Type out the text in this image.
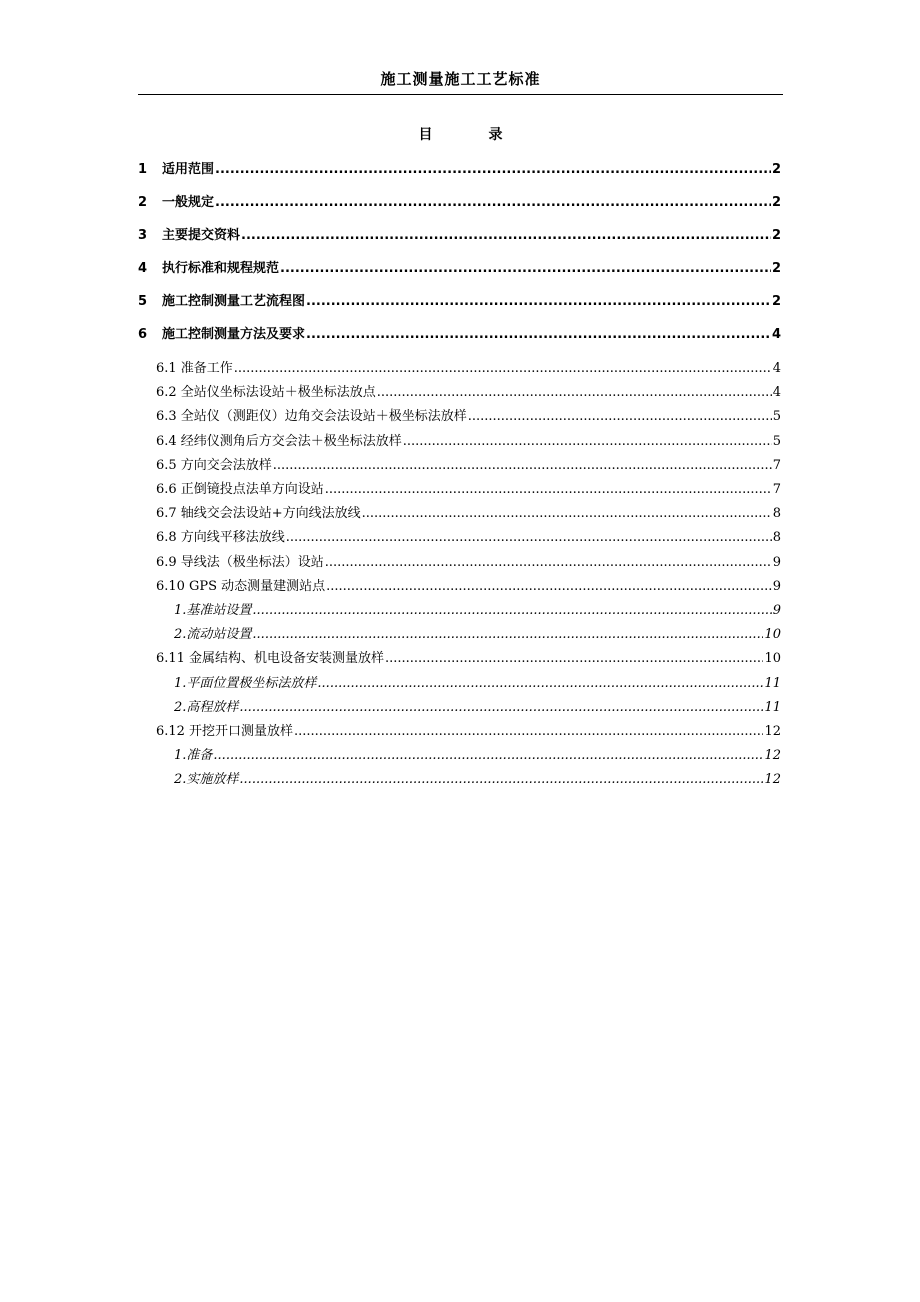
施工测量施工工艺标准
目	录
1	适用范围 .....	2
2	一般规定 .....	2
3	主要提交资料 .....	2
4	执行标准和规程规范 .....	2
5	施工控制测量工艺流程图 .....	2
6	施工控制测量方法及要求 .....	4
6.1 准备工作 .....	4
6.2 全站仪坐标法设站＋极坐标法放点 .....	4
6.3 全站仪（测距仪）边角交会法设站＋极坐标法放样 .....	5
6.4 经纬仪测角后方交会法＋极坐标法放样 .....	5
6.5 方向交会法放样 .....	7
6.6 正倒镜投点法单方向设站 .....	7
6.7 轴线交会法设站+方向线法放线 .....	8
6.8 方向线平移法放线 .....	8
6.9 导线法（极坐标法）设站 .....	9
6.10 GPS 动态测量建测站点 .....	9
1. 基准站设置 .....	9
2. 流动站设置 .....	10
6.11 金属结构、机电设备安装测量放样 .....	10
1. 平面位置极坐标法放样 .....	11
2. 高程放样 .....	11
6.12 开挖开口测量放样 .....	12
1. 准备 .....	12
2. 实施放样 .....	12
